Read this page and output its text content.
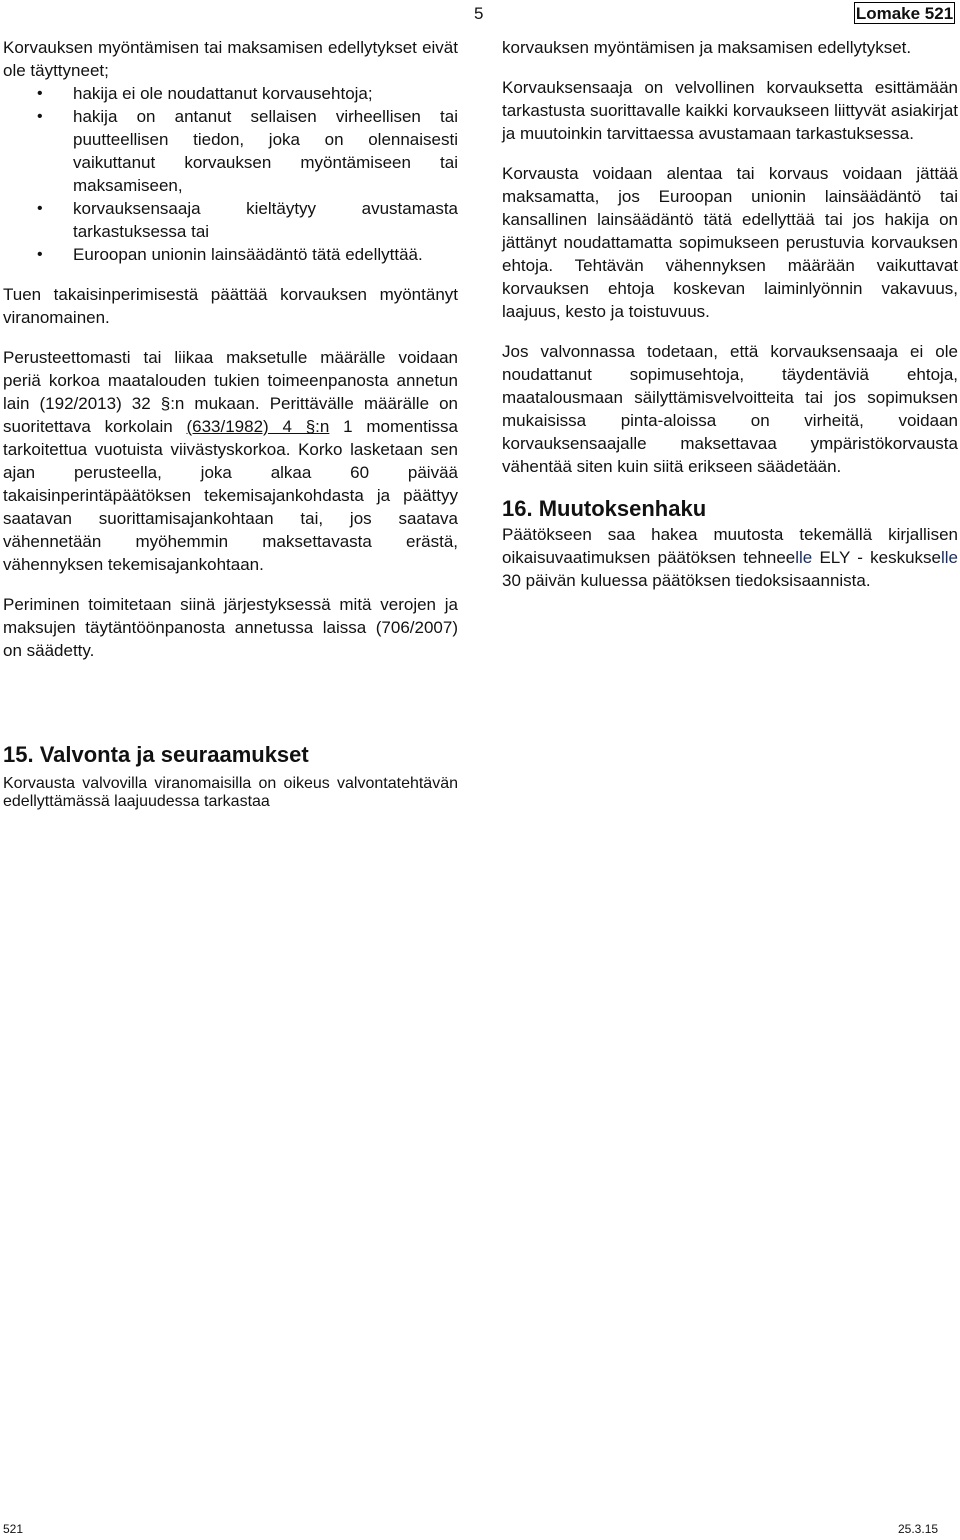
5	Lomake 521

Korvauksen myöntämisen tai maksamisen edellytykset eivät ole täyttyneet;

• hakija ei ole noudattanut korvausehtoja;
• hakija on antanut sellaisen virheellisen tai puutteellisen tiedon, joka on olennaisesti vaikuttanut korvauksen myöntämiseen tai maksamiseen,
• korvauksensaaja kieltäytyy avustamasta tarkastuksessa tai
• Euroopan unionin lainsäädäntö tätä edellyttää.

Tuen takaisinperimisestä päättää korvauksen myöntänyt viranomainen.

Perusteettomasti tai liikaa maksetulle määrälle voidaan periä korkoa maatalouden tukien toimeenpanosta annetun lain (192/2013) 32 §:n mukaan. Perittävälle määrälle on suoritettava korkolain (633/1982) 4 §:n 1 momentissa tarkoitettua vuotuista viivästyskorkoa. Korko lasketaan sen ajan perusteella, joka alkaa 60 päivää takaisinperintäpäätöksen tekemisajankohdasta ja päättyy saatavan suorittamisajankohtaan tai, jos saatava vähennetään myöhemmin maksettavasta erästä, vähennyksen tekemisajankohtaan.

Periminen toimitetaan siinä järjestyksessä mitä verojen ja maksujen täytäntöönpanosta annetussa laissa (706/2007) on säädetty.

15. Valvonta ja seuraamukset

Korvausta valvovilla viranomaisilla on oikeus valvontatehtävän edellyttämässä laajuudessa tarkastaa

korvauksen myöntämisen ja maksamisen edellytykset.

Korvauksensaaja on velvollinen korvauksetta esittämään tarkastusta suorittavalle kaikki korvaukseen liittyvät asiakirjat ja muutoinkin tarvittaessa avustamaan tarkastuksessa.

Korvausta voidaan alentaa tai korvaus voidaan jättää maksamatta, jos Euroopan unionin lainsäädäntö tai kansallinen lainsäädäntö tätä edellyttää tai jos hakija on jättänyt noudattamatta sopimukseen perustuvia korvauksen ehtoja. Tehtävän vähennyksen määrään vaikuttavat korvauksen ehtoja koskevan laiminlyönnin vakavuus, laajuus, kesto ja toistuvuus.

Jos valvonnassa todetaan, että korvauksensaaja ei ole noudattanut sopimusehtoja, täydentäviä ehtoja, maatalousmaan säilyttämisvelvoitteita tai jos sopimuksen mukaisissa pinta-aloissa on virheitä, voidaan korvauksensaajalle maksettavaa ympäristökorvausta vähentää siten kuin siitä erikseen säädetään.

16. Muutoksenhaku

Päätökseen saa hakea muutosta tekemällä kirjallisen oikaisuvaatimuksen päätöksen tehneelle ELY - keskukselle 30 päivän kuluessa päätöksen tiedoksisaannista.

521	25.3.15
